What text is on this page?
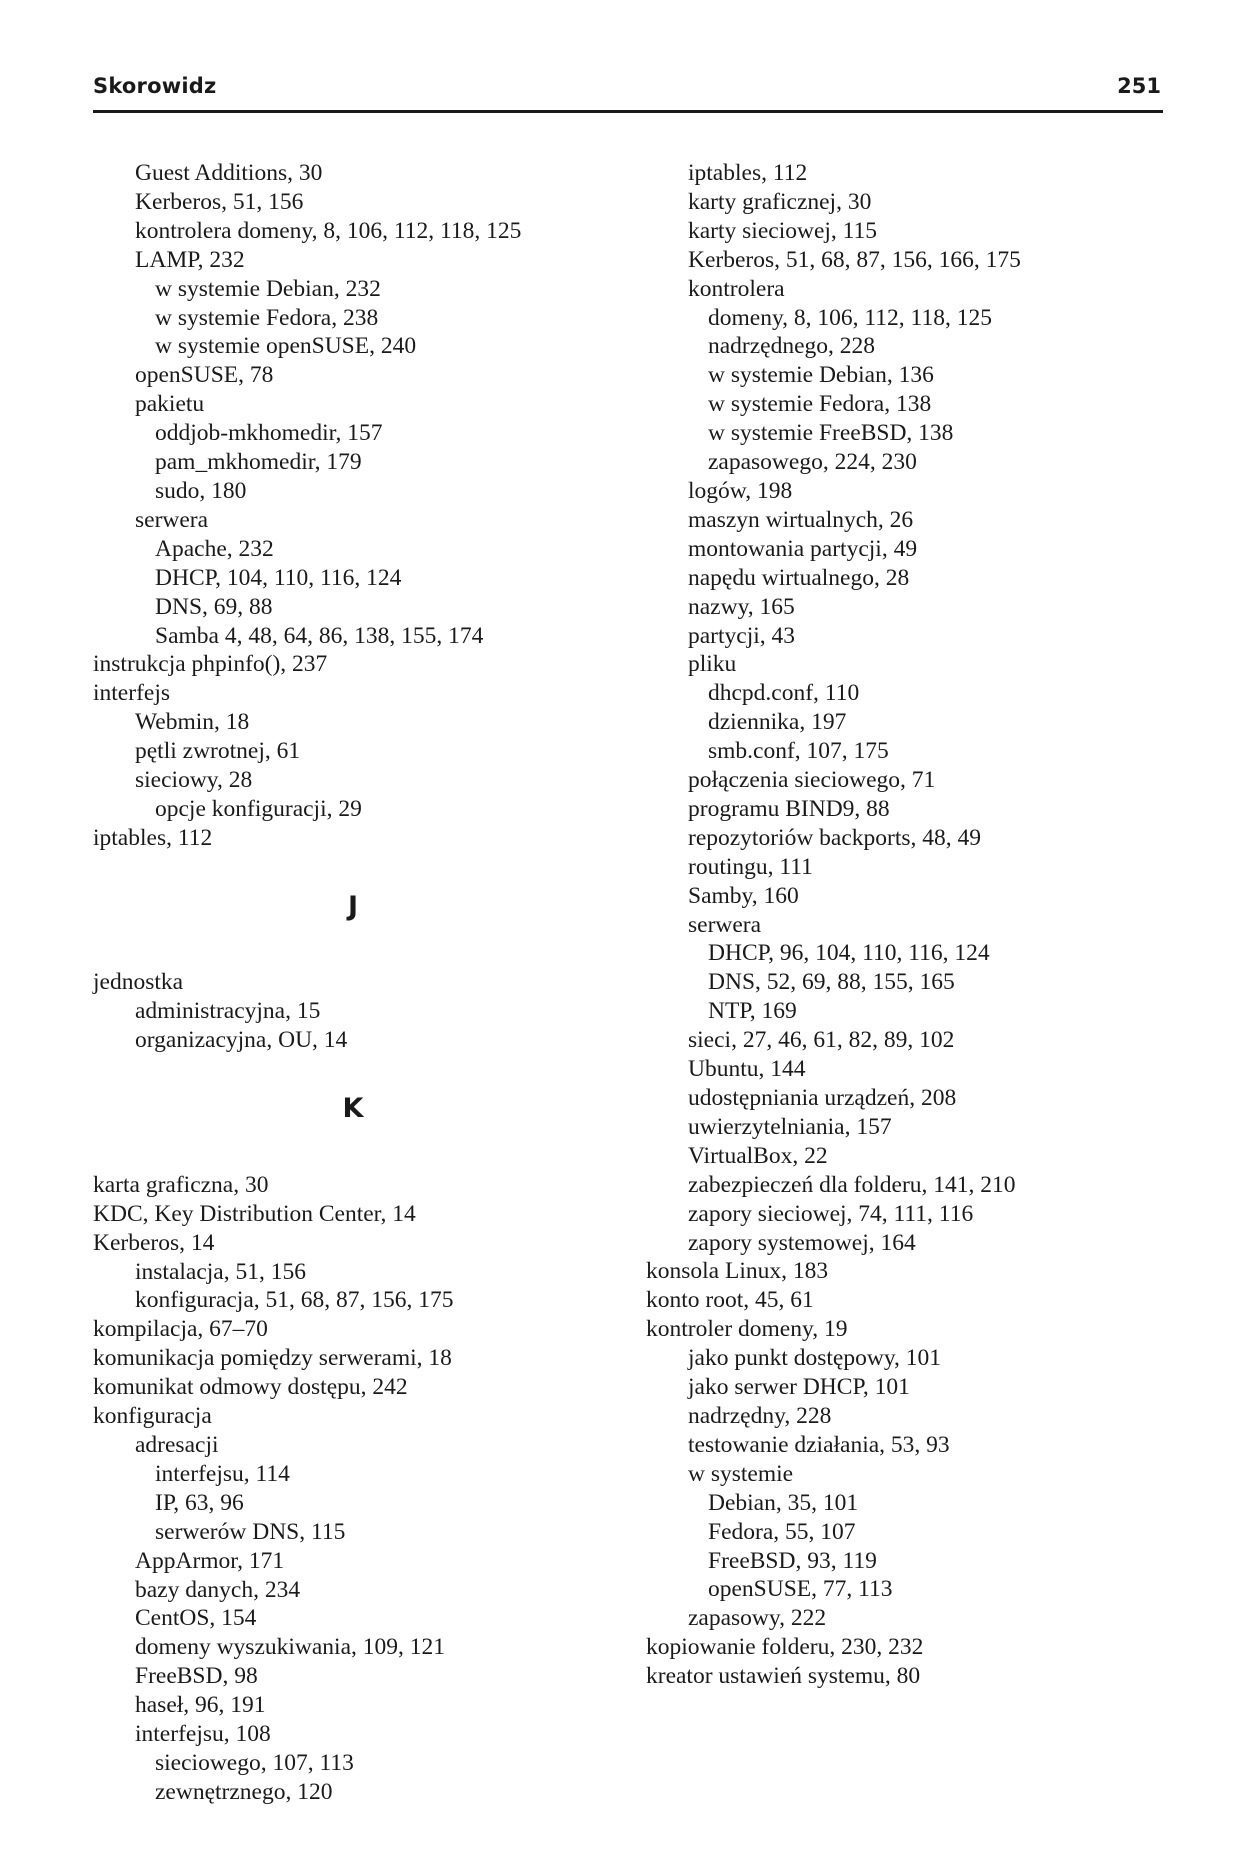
Skorowidz	251
Guest Additions, 30
Kerberos, 51, 156
kontrolera domeny, 8, 106, 112, 118, 125
LAMP, 232
w systemie Debian, 232
w systemie Fedora, 238
w systemie openSUSE, 240
openSUSE, 78
pakietu
oddjob-mkhomedir, 157
pam_mkhomedir, 179
sudo, 180
serwera
Apache, 232
DHCP, 104, 110, 116, 124
DNS, 69, 88
Samba 4, 48, 64, 86, 138, 155, 174
instrukcja phpinfo(), 237
interfejs
Webmin, 18
pętli zwrotnej, 61
sieciowy, 28
opcje konfiguracji, 29
iptables, 112
J
jednostka
administracyjna, 15
organizacyjna, OU, 14
K
karta graficzna, 30
KDC, Key Distribution Center, 14
Kerberos, 14
instalacja, 51, 156
konfiguracja, 51, 68, 87, 156, 175
kompilacja, 67–70
komunikacja pomiędzy serwerami, 18
komunikat odmowy dostępu, 242
konfiguracja
adresacji
interfejsu, 114
IP, 63, 96
serwerów DNS, 115
AppArmor, 171
bazy danych, 234
CentOS, 154
domeny wyszukiwania, 109, 121
FreeBSD, 98
haseł, 96, 191
interfejsu, 108
sieciowego, 107, 113
zewnętrznego, 120
iptables, 112
karty graficznej, 30
karty sieciowej, 115
Kerberos, 51, 68, 87, 156, 166, 175
kontrolera
domeny, 8, 106, 112, 118, 125
nadrzędnego, 228
w systemie Debian, 136
w systemie Fedora, 138
w systemie FreeBSD, 138
zapasowego, 224, 230
logów, 198
maszyn wirtualnych, 26
montowania partycji, 49
napędu wirtualnego, 28
nazwy, 165
partycji, 43
pliku
dhcpd.conf, 110
dziennika, 197
smb.conf, 107, 175
połączenia sieciowego, 71
programu BIND9, 88
repozytoriów backports, 48, 49
routingu, 111
Samby, 160
serwera
DHCP, 96, 104, 110, 116, 124
DNS, 52, 69, 88, 155, 165
NTP, 169
sieci, 27, 46, 61, 82, 89, 102
Ubuntu, 144
udostępniania urządzeń, 208
uwierzytelniania, 157
VirtualBox, 22
zabezpieczeń dla folderu, 141, 210
zapory sieciowej, 74, 111, 116
zapory systemowej, 164
konsola Linux, 183
konto root, 45, 61
kontroler domeny, 19
jako punkt dostępowy, 101
jako serwer DHCP, 101
nadrzędny, 228
testowanie działania, 53, 93
w systemie
Debian, 35, 101
Fedora, 55, 107
FreeBSD, 93, 119
openSUSE, 77, 113
zapasowy, 222
kopiowanie folderu, 230, 232
kreator ustawień systemu, 80
